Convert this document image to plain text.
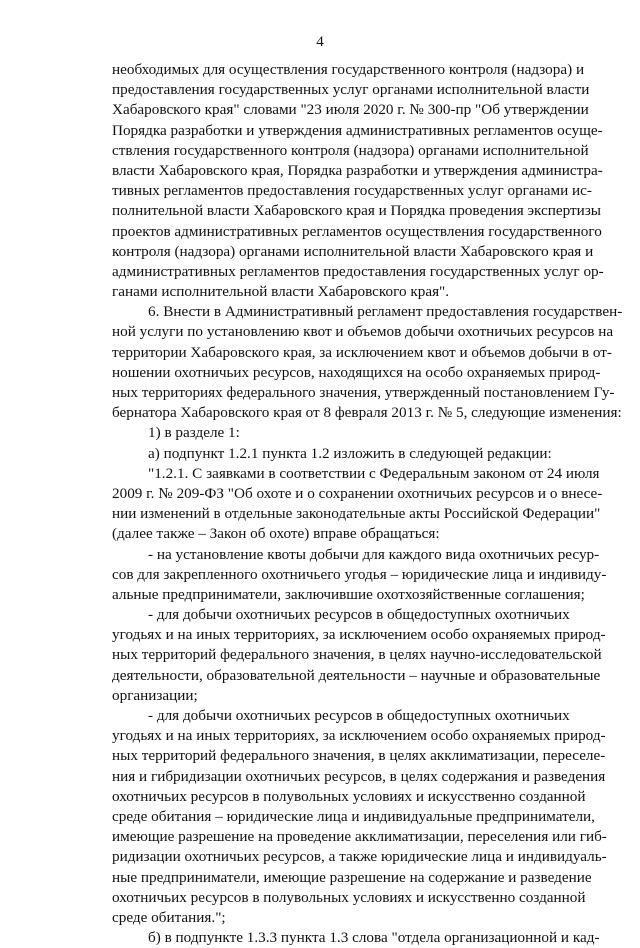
4
необходимых для осуществления государственного контроля (надзора) и
предоставления государственных услуг органами исполнительной власти
Хабаровского края" словами "23 июля 2020 г. № 300-пр "Об утверждении
Порядка разработки и утверждения административных регламентов осуще-
ствления государственного контроля (надзора) органами исполнительной
власти Хабаровского края, Порядка разработки и утверждения администра-
тивных регламентов предоставления государственных услуг органами ис-
полнительной власти Хабаровского края и Порядка проведения экспертизы
проектов административных регламентов осуществления государственного
контроля (надзора) органами исполнительной власти Хабаровского края и
административных регламентов предоставления государственных услуг ор-
ганами исполнительной власти Хабаровского края".
6. Внести в Административный регламент предоставления государствен-
ной услуги по установлению квот и объемов добычи охотничьих ресурсов на
территории Хабаровского края, за исключением квот и объемов добычи в от-
ношении охотничьих ресурсов, находящихся на особо охраняемых природ-
ных территориях федерального значения, утвержденный постановлением Гу-
бернатора Хабаровского края от 8 февраля 2013 г. № 5, следующие изменения:
1) в разделе 1:
а) подпункт 1.2.1 пункта 1.2 изложить в следующей редакции:
"1.2.1. С заявками в соответствии с Федеральным законом от 24 июля
2009 г. № 209-ФЗ "Об охоте и о сохранении охотничьих ресурсов и о внесе-
нии изменений в отдельные законодательные акты Российской Федерации"
(далее также – Закон об охоте) вправе обращаться:
- на установление квоты добычи для каждого вида охотничьих ресур-
сов для закрепленного охотничьего угодья – юридические лица и индивиду-
альные предприниматели, заключившие охотхозяйственные соглашения;
- для добычи охотничьих ресурсов в общедоступных охотничьих
угодьях и на иных территориях, за исключением особо охраняемых природ-
ных территорий федерального значения, в целях научно-исследовательской
деятельности, образовательной деятельности – научные и образовательные
организации;
- для добычи охотничьих ресурсов в общедоступных охотничьих
угодьях и на иных территориях, за исключением особо охраняемых природ-
ных территорий федерального значения, в целях акклиматизации, переселе-
ния и гибридизации охотничьих ресурсов, в целях содержания и разведения
охотничьих ресурсов в полувольных условиях и искусственно созданной
среде обитания – юридические лица и индивидуальные предприниматели,
имеющие разрешение на проведение акклиматизации, переселения или гиб-
ридизации охотничьих ресурсов, а также юридические лица и индивидуаль-
ные предприниматели, имеющие разрешение на содержание и разведение
охотничьих ресурсов в полувольных условиях и искусственно созданной
среде обитания.";
б) в подпункте 1.3.3 пункта 1.3 слова "отдела организационной и кад-
